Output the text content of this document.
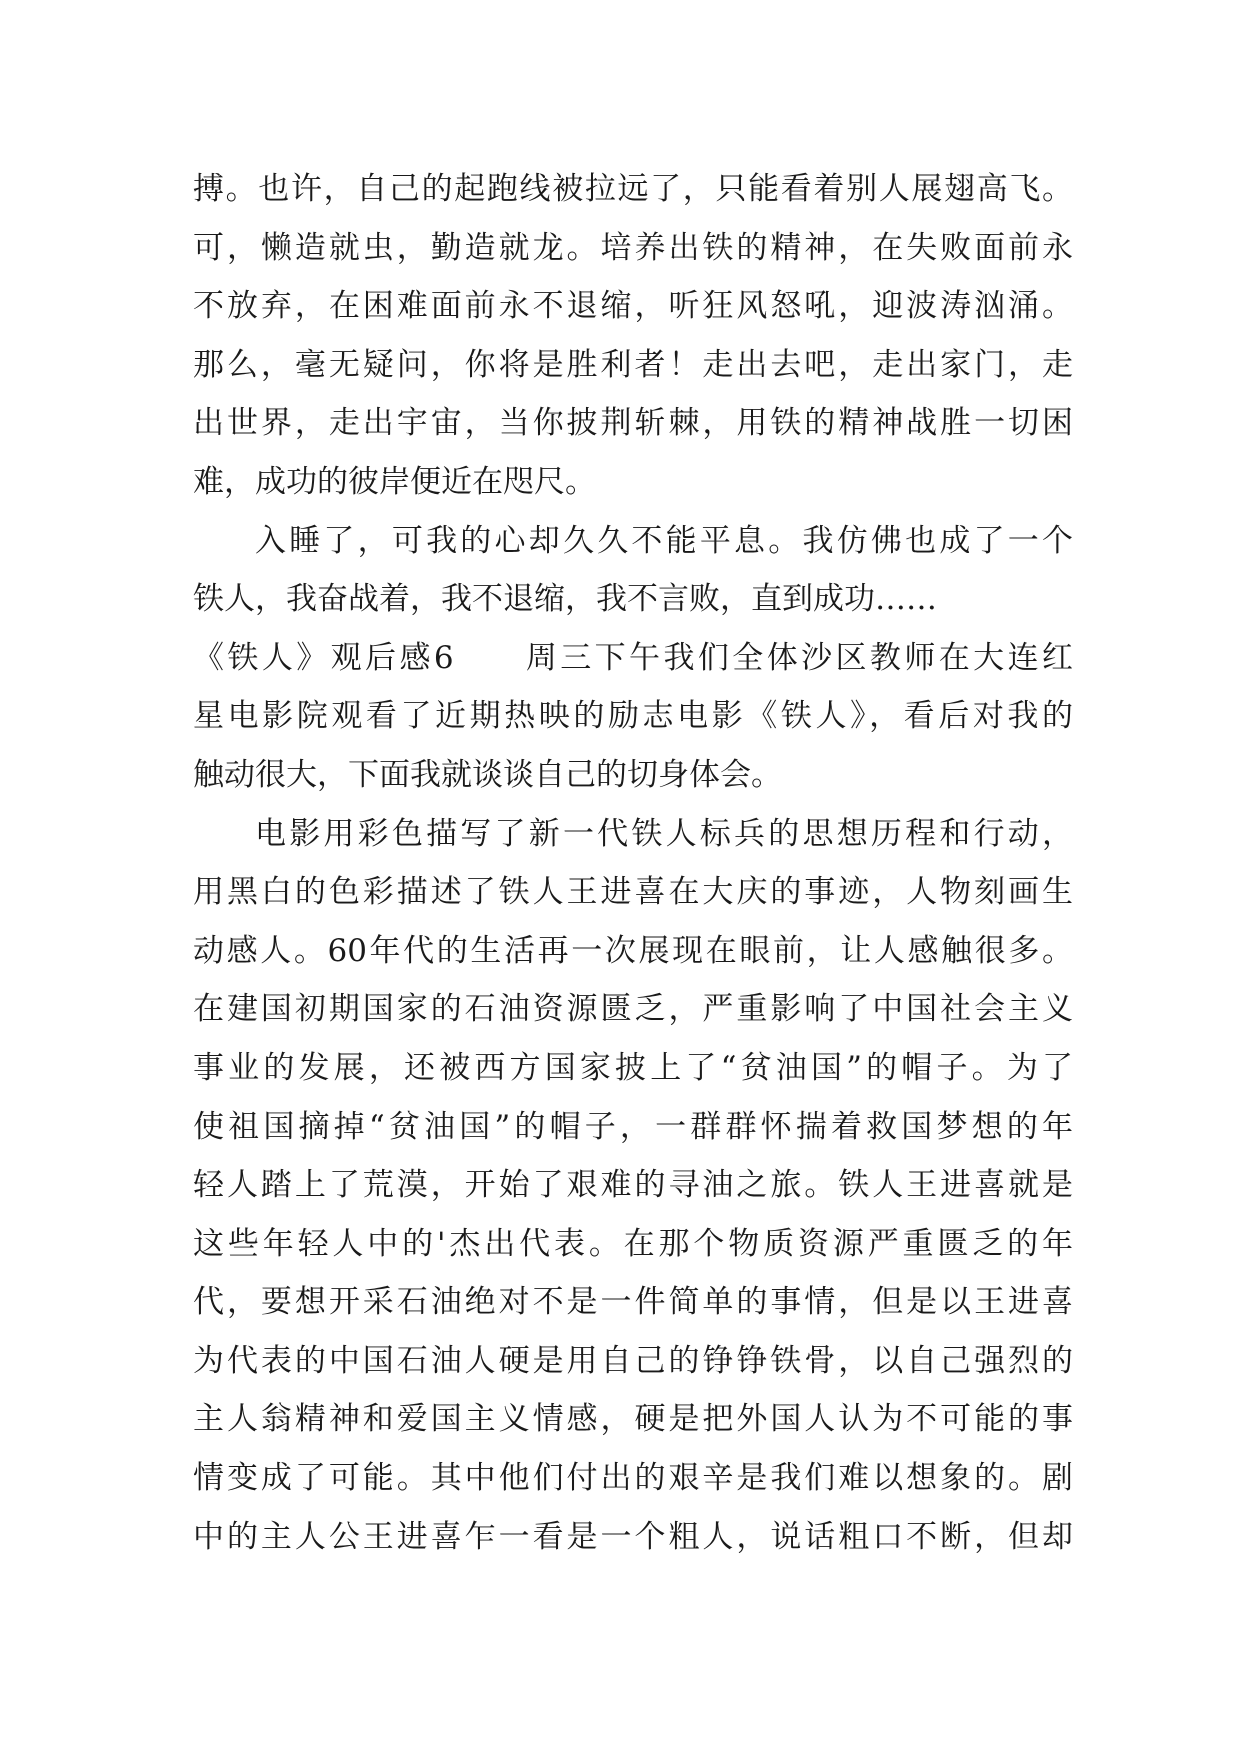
搏。也许，自己的起跑线被拉远了，只能看着别人展翅高飞。
可，懒造就虫，勤造就龙。培养出铁的精神，在失败面前永
不放弃，在困难面前永不退缩，听狂风怒吼，迎波涛汹涌。
那么，毫无疑问，你将是胜利者！走出去吧，走出家门，走
出世界，走出宇宙，当你披荆斩棘，用铁的精神战胜一切困
难，成功的彼岸便近在咫尺。
入睡了，可我的心却久久不能平息。我仿佛也成了一个
铁人，我奋战着，我不退缩，我不言败，直到成功……
《铁人》观后感6　　周三下午我们全体沙区教师在大连红
星电影院观看了近期热映的励志电影《铁人》，看后对我的
触动很大，下面我就谈谈自己的切身体会。
电影用彩色描写了新一代铁人标兵的思想历程和行动，
用黑白的色彩描述了铁人王进喜在大庆的事迹，人物刻画生
动感人。60年代的生活再一次展现在眼前，让人感触很多。
在建国初期国家的石油资源匮乏，严重影响了中国社会主义
事业的发展，还被西方国家披上了“贫油国”的帽子。为了
使祖国摘掉“贫油国”的帽子，一群群怀揣着救国梦想的年
轻人踏上了荒漠，开始了艰难的寻油之旅。铁人王进喜就是
这些年轻人中的'杰出代表。在那个物质资源严重匮乏的年
代，要想开采石油绝对不是一件简单的事情，但是以王进喜
为代表的中国石油人硬是用自己的铮铮铁骨，以自己强烈的
主人翁精神和爱国主义情感，硬是把外国人认为不可能的事
情变成了可能。其中他们付出的艰辛是我们难以想象的。剧
中的主人公王进喜乍一看是一个粗人，说话粗口不断，但却
